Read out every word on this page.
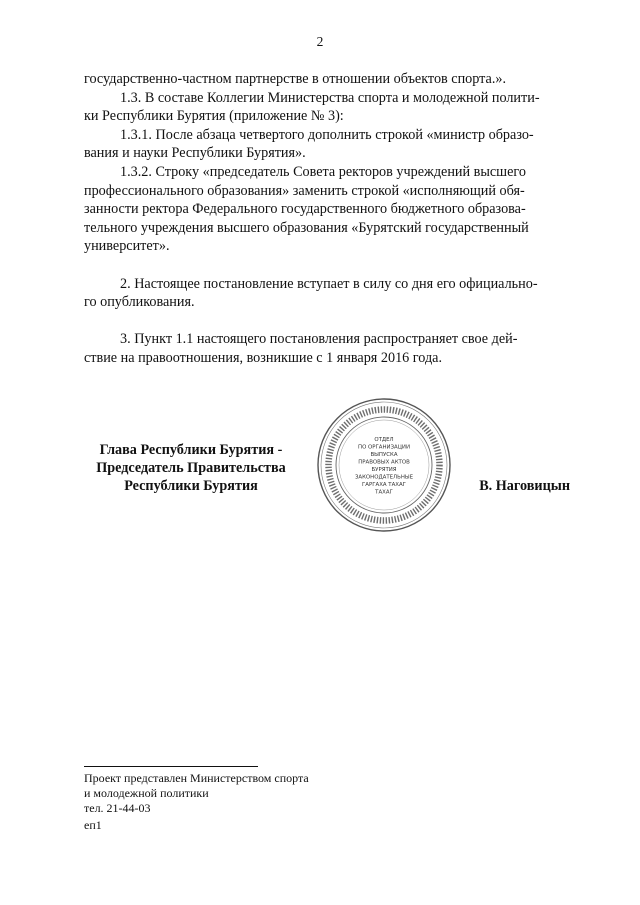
2

государственно-частном партнерстве в отношении объектов спорта.».

1.3. В составе Коллегии Министерства спорта и молодежной полити-

ки Республики Бурятия (приложение № 3):

1.3.1. После абзаца четвертого дополнить строкой «министр образо-

вания и науки Республики Бурятия».

1.3.2. Строку «председатель Совета ректоров учреждений высшего

профессионального образования» заменить строкой «исполняющий обя-

занности ректора Федерального государственного бюджетного образова-

тельного учреждения высшего образования «Бурятский государственный

университет».

2. Настоящее постановление вступает в силу со дня его официально-

го опубликования.

3. Пункт 1.1 настоящего постановления распространяет свое дей-

ствие на правоотношения, возникшие с 1 января 2016 года.

Глава Республики Бурятия -

Председатель Правительства

Республики Бурятия

ОТДЕЛ
ПО ОРГАНИЗАЦИИ
ВЫПУСКА
ПРАВОВЫХ АКТОВ
БУРЯТИЯ
ЗАКОНОДАТЕЛЬНЫЕ
ГАРГАХА ТАХАГ
ТАХАГ	В. Наговицын

Проект представлен Министерством спорта

и молодежной политики

тел. 21-44-03

еп1
